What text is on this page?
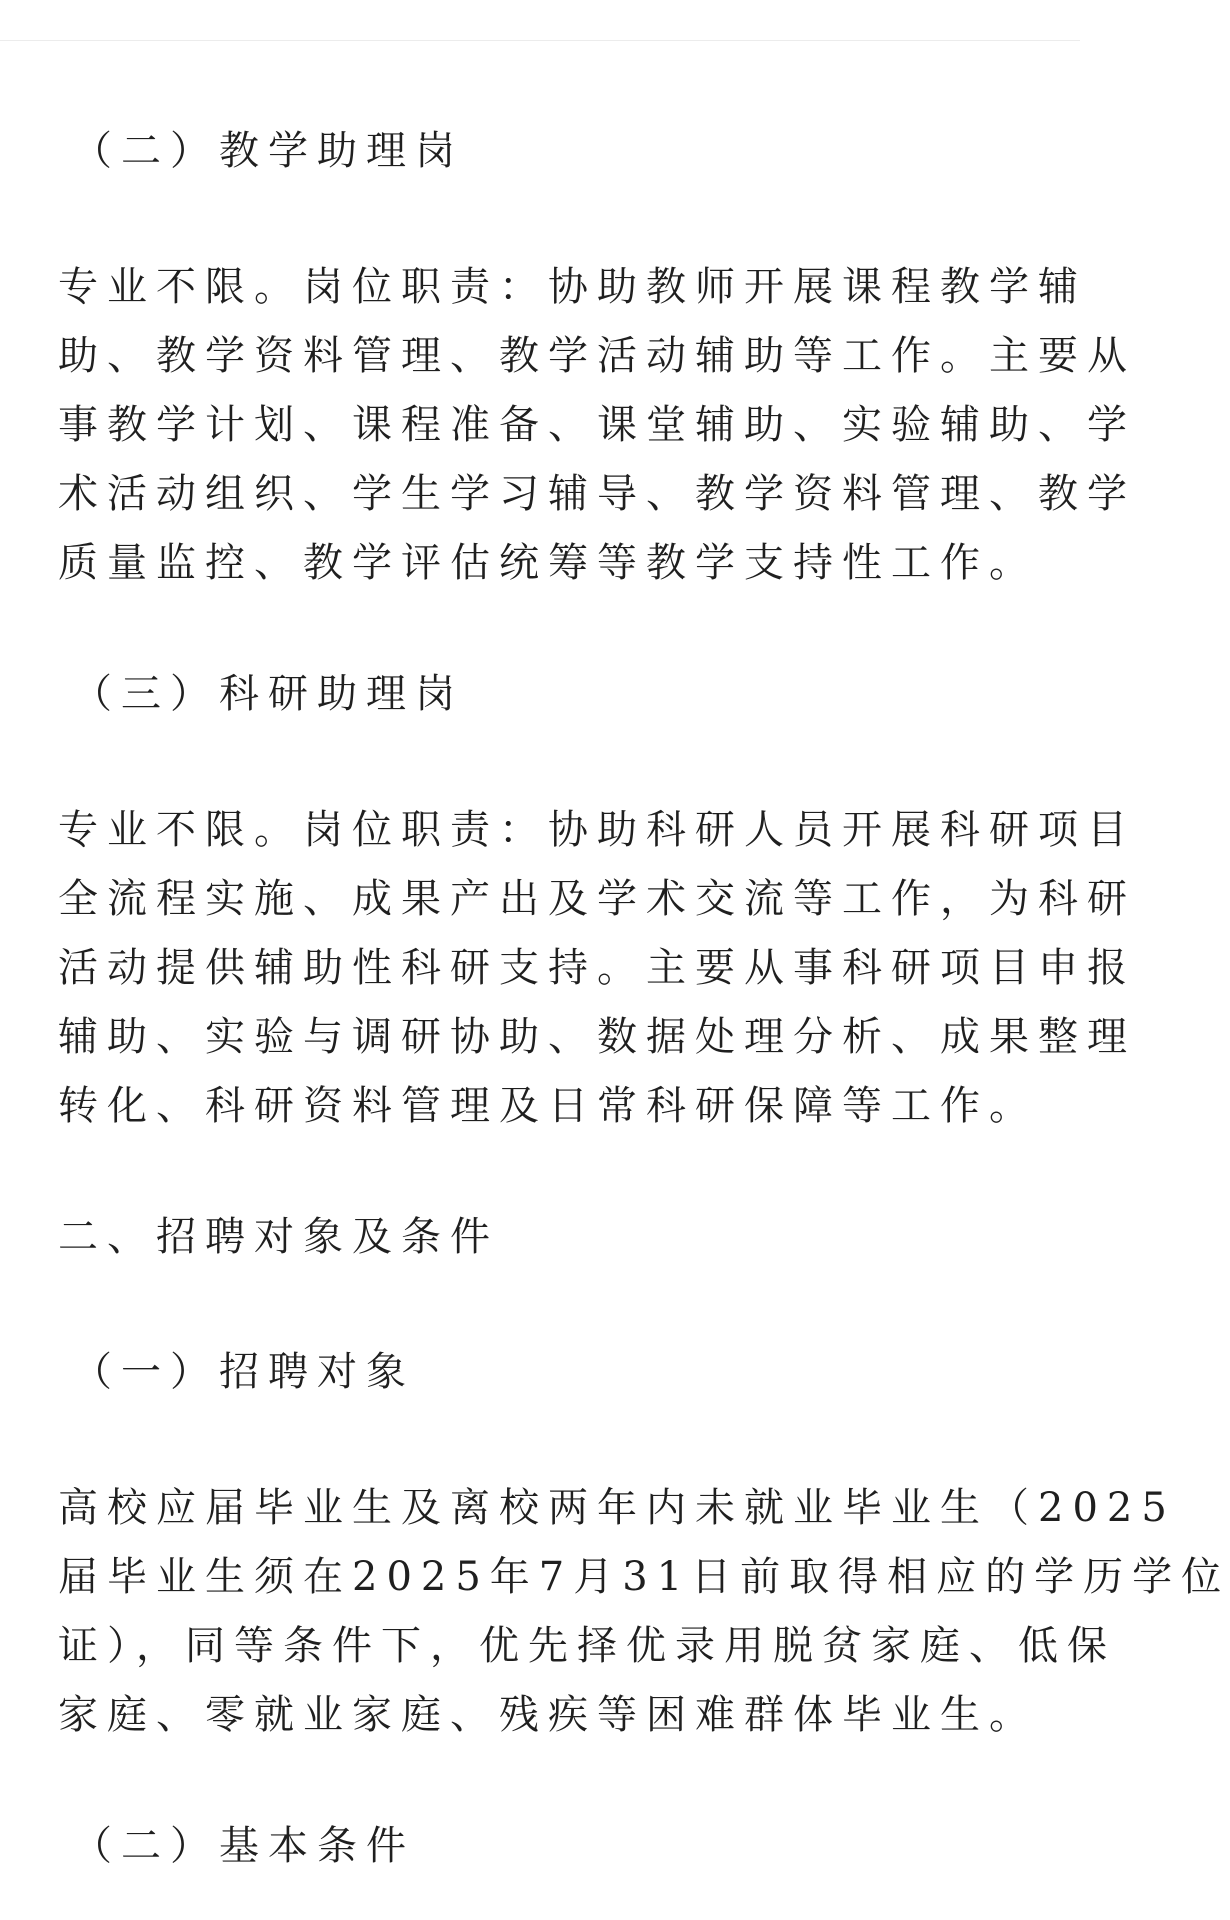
（二）教学助理岗
专业不限。岗位职责：协助教师开展课程教学辅
助、教学资料管理、教学活动辅助等工作。主要从
事教学计划、课程准备、课堂辅助、实验辅助、学
术活动组织、学生学习辅导、教学资料管理、教学
质量监控、教学评估统筹等教学支持性工作。
（三）科研助理岗
专业不限。岗位职责：协助科研人员开展科研项目
全流程实施、成果产出及学术交流等工作，为科研
活动提供辅助性科研支持。主要从事科研项目申报
辅助、实验与调研协助、数据处理分析、成果整理
转化、科研资料管理及日常科研保障等工作。
二、招聘对象及条件
（一）招聘对象
高校应届毕业生及离校两年内未就业毕业生（2025
届毕业生须在2025年7月31日前取得相应的学历学位
证），同等条件下，优先择优录用脱贫家庭、低保
家庭、零就业家庭、残疾等困难群体毕业生。
（二）基本条件
